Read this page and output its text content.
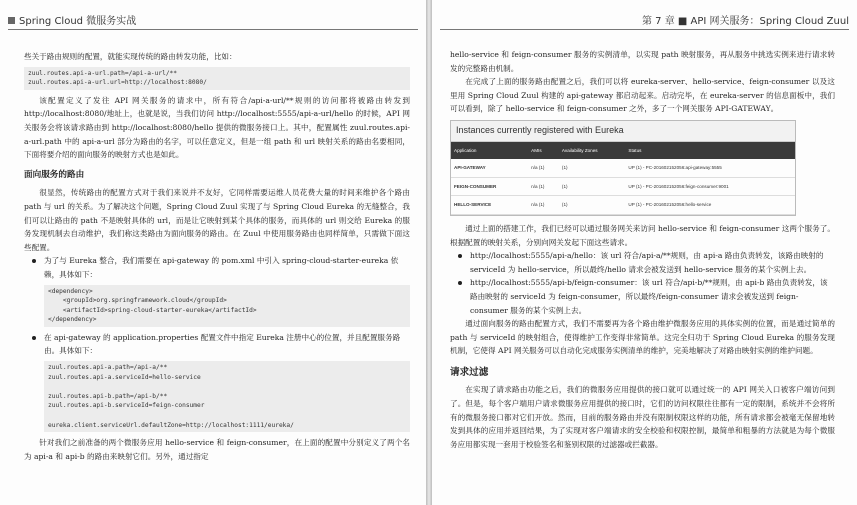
Spring Cloud 微服务实战

些关于路由规则的配置，就能实现传统的路由转发功能，比如：

zuul.routes.api-a-url.path=/api-a-url/**
zuul.routes.api-a-url.url=http://localhost:8080/

该配置定义了发往 API 网关服务的请求中，所有符合/api-a-url/**规则的访问都将被路由转发到 http://localhost:8080/地址上，也就是说，当我们访问 http://localhost:5555/api-a-url/hello 的时候，API 网关服务会将该请求路由到 http://localhost:8080/hello 提供的微服务接口上。其中，配置属性 zuul.routes.api-a-url.path 中的 api-a-url 部分为路由的名字，可以任意定义，但是一组 path 和 url 映射关系的路由名要相同，下面将要介绍的面向服务的映射方式也是如此。

面向服务的路由

很显然，传统路由的配置方式对于我们来说并不友好，它同样需要运维人员花费大量的时间来维护各个路由 path 与 url 的关系。为了解决这个问题，Spring Cloud Zuul 实现了与 Spring Cloud Eureka 的无缝整合，我们可以让路由的 path 不是映射具体的 url，而是让它映射到某个具体的服务，而具体的 url 则交给 Eureka 的服务发现机制去自动维护，我们称这类路由为面向服务的路由。在 Zuul 中使用服务路由也同样简单，只需做下面这些配置。

为了与 Eureka 整合，我们需要在 api-gateway 的 pom.xml 中引入 spring-cloud-starter-eureka 依赖，具体如下：
<dependency>
<groupId>org.springframework.cloud</groupId>
<artifactId>spring-cloud-starter-eureka</artifactId>
</dependency>
在 api-gateway 的 application.properties 配置文件中指定 Eureka 注册中心的位置，并且配置服务路由。具体如下：
zuul.routes.api-a.path=/api-a/**
zuul.routes.api-a.serviceId=hello-service

zuul.routes.api-b.path=/api-b/**
zuul.routes.api-b.serviceId=feign-consumer

eureka.client.serviceUrl.defaultZone=http://localhost:1111/eureka/

针对我们之前准备的两个微服务应用 hello-service 和 feign-consumer，在上面的配置中分别定义了两个名为 api-a 和 api-b 的路由来映射它们。另外，通过指定

第 7 章 ■ API 网关服务：Spring Cloud Zuul

hello-service 和 feign-consumer 服务的实例清单，以实现 path 映射服务，再从服务中挑选实例来进行请求转发的完整路由机制。

在完成了上面的服务路由配置之后，我们可以将 eureka-server、hello-service、feign-consumer 以及这里用 Spring Cloud Zuul 构建的 api-gateway 都启动起来。启动完毕，在 eureka-server 的信息面板中，我们可以看到，除了 hello-service 和 feign-consumer 之外，多了一个网关服务 API-GATEWAY。

Instances currently registered with Eureka
Application	AMIs	Availability Zones	Status
API-GATEWAY	n/a (1)	(1)	UP (1) - PC-201602152056:api-gateway:5555
FEIGN-CONSUMER	n/a (1)	(1)	UP (1) - PC-201602152056:feign-consumer:9001
HELLO-SERVICE	n/a (1)	(1)	UP (1) - PC-201602152056:hello-service

通过上面的搭建工作，我们已经可以通过服务网关来访问 hello-service 和 feign-consumer 这两个服务了。根据配置的映射关系，分别向网关发起下面这些请求。

http://localhost:5555/api-a/hello：该 url 符合/api-a/**规则，由 api-a 路由负责转发，该路由映射的 serviceId 为 hello-service，所以最终/hello 请求会被发送到 hello-service 服务的某个实例上去。
http://localhost:5555/api-b/feign-consumer：该 url 符合/api-b/**规则，由 api-b 路由负责转发，该路由映射的 serviceId 为 feign-consumer，所以最终/feign-consumer 请求会被发送到 feign-consumer 服务的某个实例上去。

通过面向服务的路由配置方式，我们不需要再为各个路由维护微服务应用的具体实例的位置，而是通过简单的 path 与 serviceId 的映射组合，使得维护工作变得非常简单。这完全归功于 Spring Cloud Eureka 的服务发现机制，它使得 API 网关服务可以自动化完成服务实例清单的维护，完美地解决了对路由映射实例的维护问题。

请求过滤

在实现了请求路由功能之后，我们的微服务应用提供的接口就可以通过统一的 API 网关入口被客户端访问到了。但是，每个客户端用户请求微服务应用提供的接口时，它们的访问权限往往都有一定的限制，系统并不会将所有的微服务接口都对它们开放。然而，目前的服务路由并没有限制权限这样的功能，所有请求都会被毫无保留地转发到具体的应用并返回结果，为了实现对客户端请求的安全校验和权限控制，最简单和粗暴的方法就是为每个微服务应用都实现一套用于校验签名和鉴别权限的过滤器或拦截器。
